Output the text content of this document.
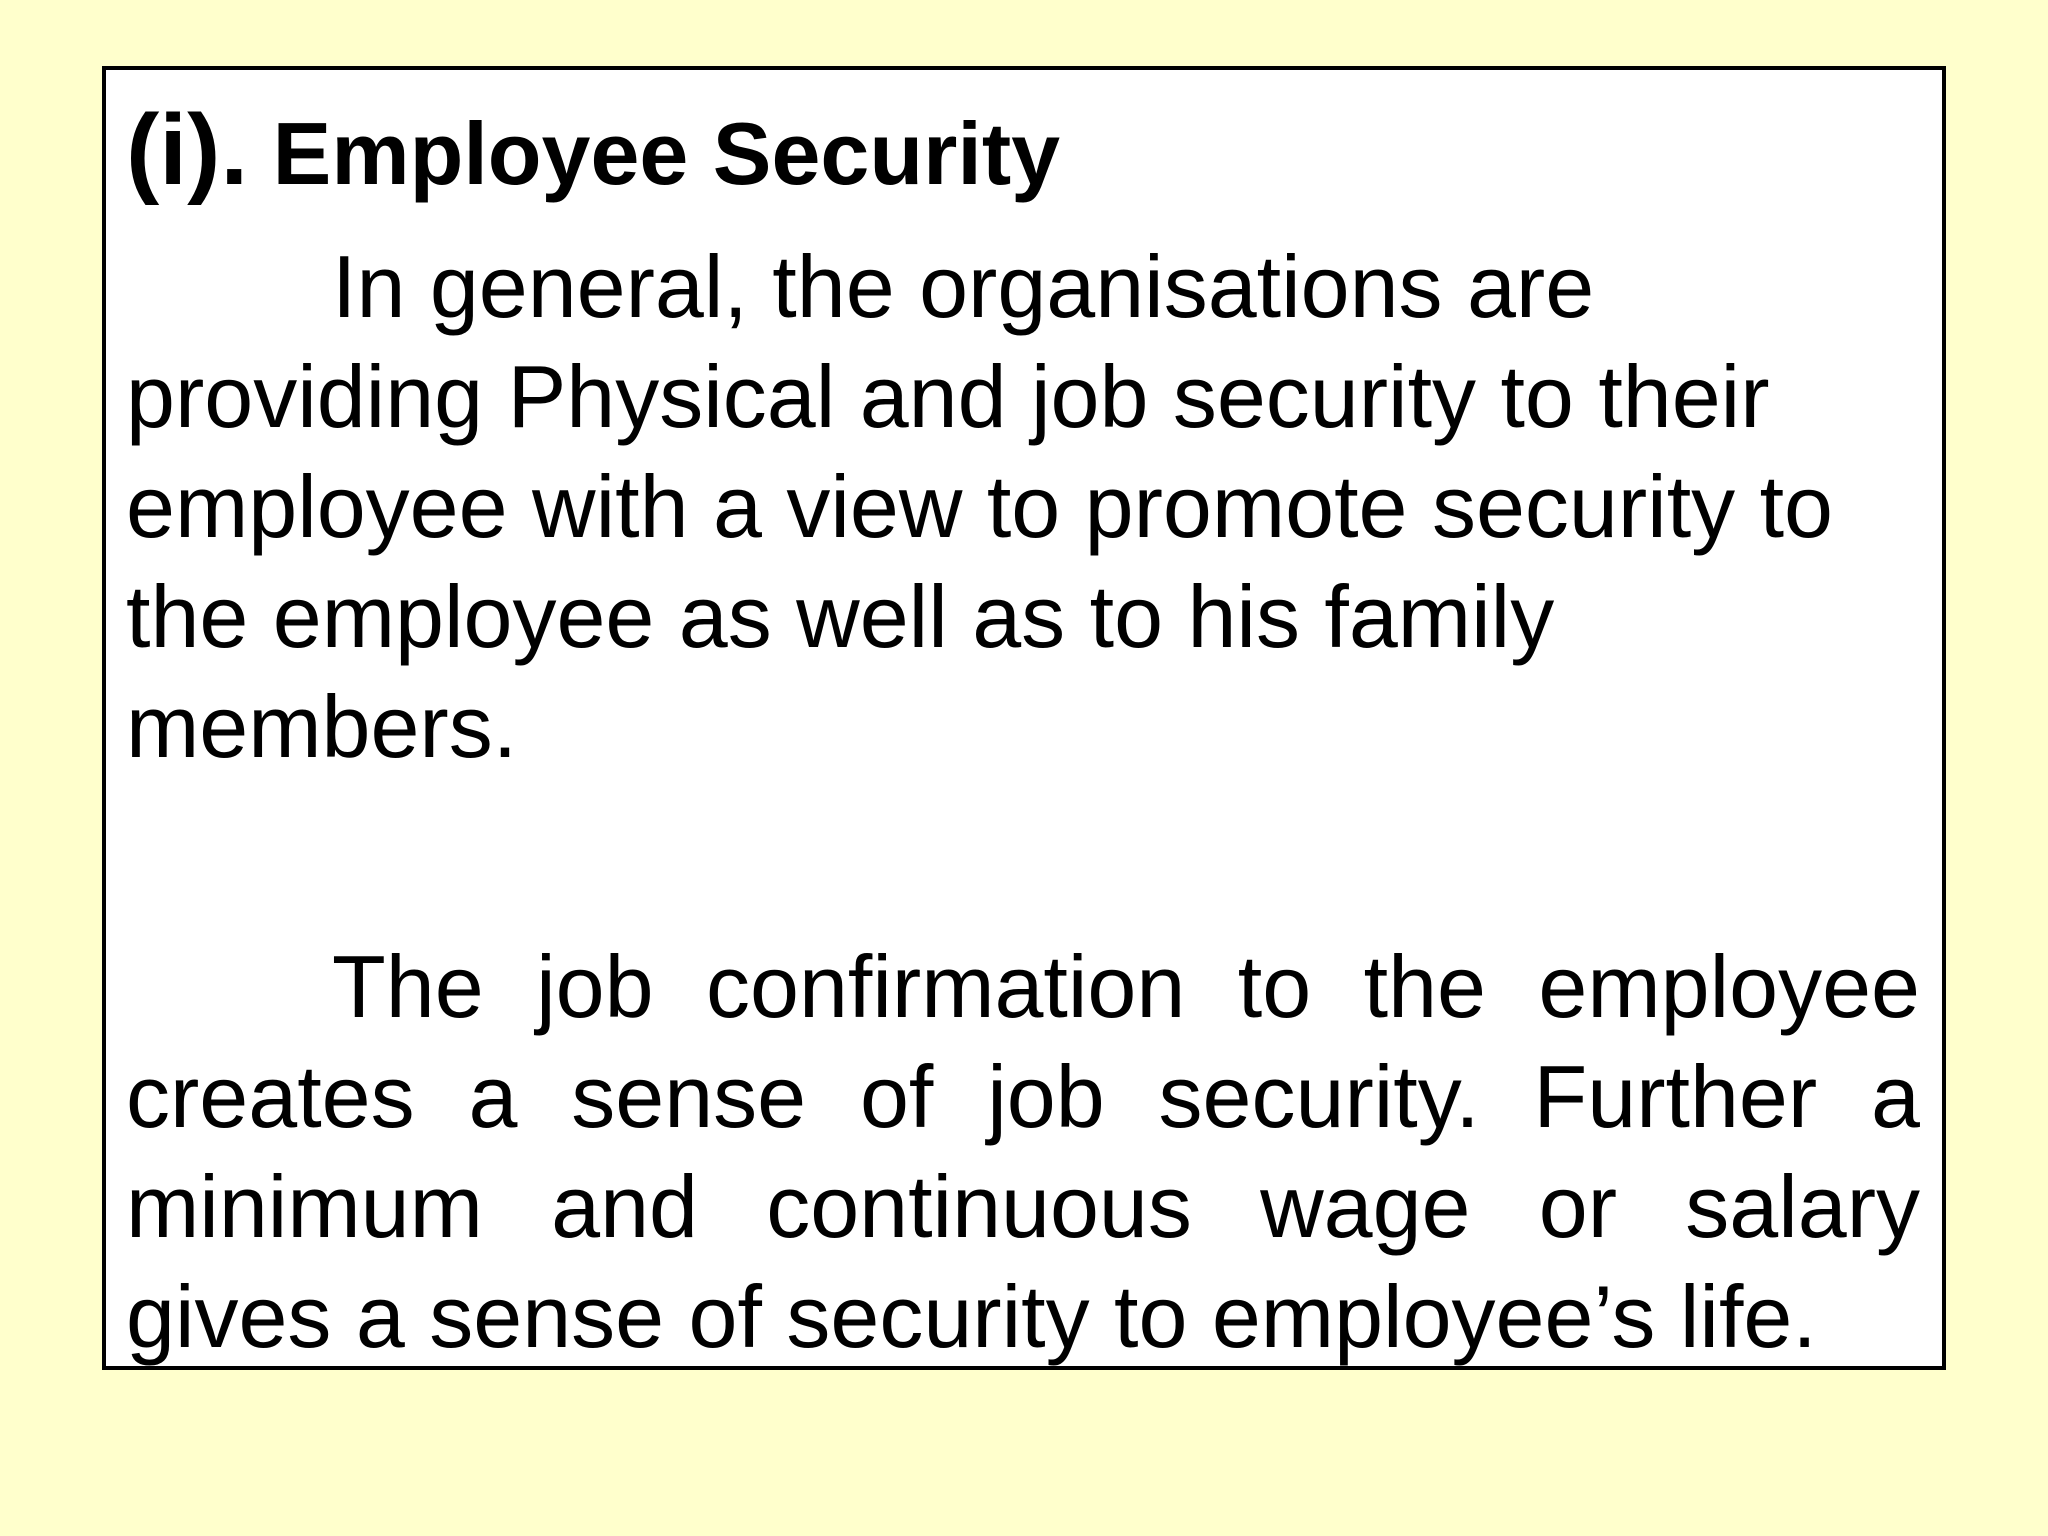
(i). Employee Security

In general, the organisations are providing Physical and job security to their employee with a view to promote security to the employee as well as to his family members.

The job confirmation to the employee creates a sense of job security. Further a minimum and continuous wage or salary gives a sense of security to employee’s life.
